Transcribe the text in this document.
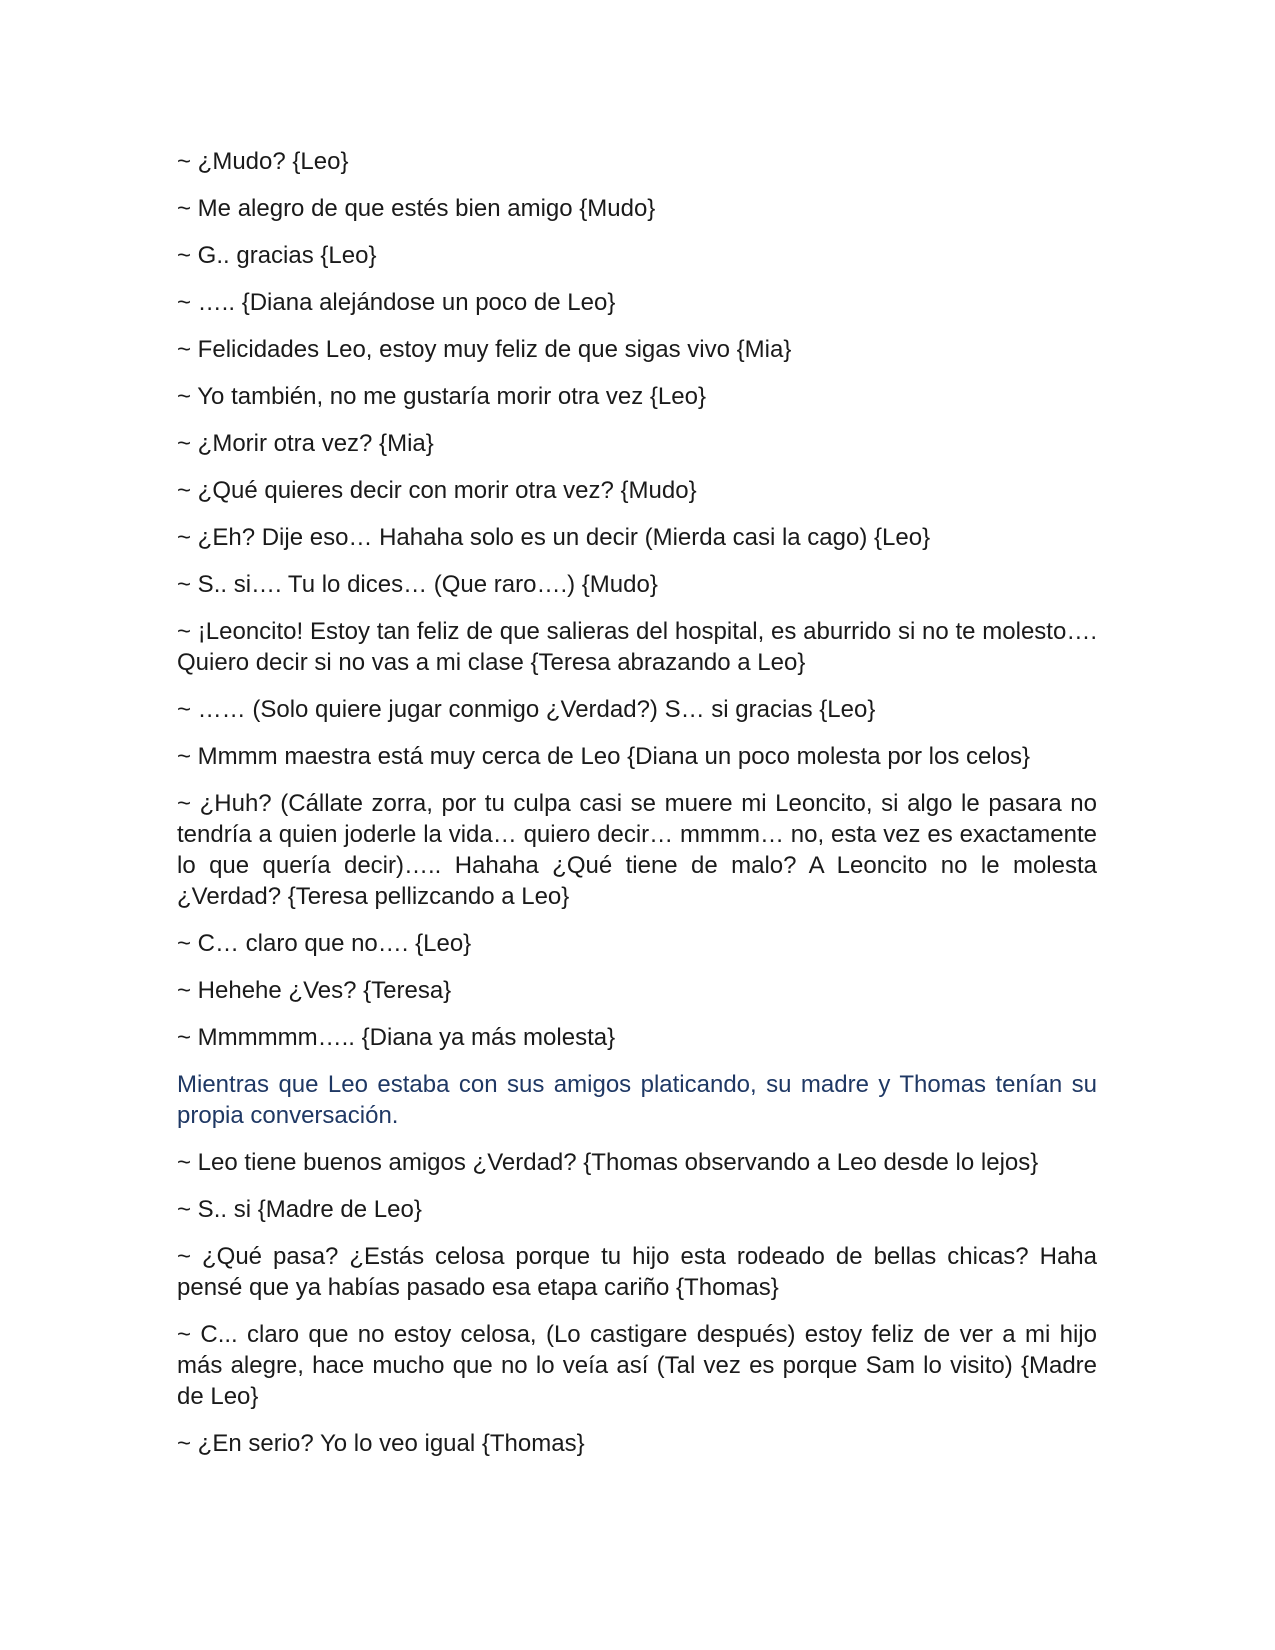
~ ¿Mudo? {Leo}

~ Me alegro de que estés bien amigo {Mudo}

~ G.. gracias {Leo}

~ ….. {Diana alejándose un poco de Leo}

~ Felicidades Leo, estoy muy feliz de que sigas vivo {Mia}

~ Yo también, no me gustaría morir otra vez {Leo}

~ ¿Morir otra vez? {Mia}

~ ¿Qué quieres decir con morir otra vez? {Mudo}

~ ¿Eh? Dije eso… Hahaha solo es un decir (Mierda casi la cago) {Leo}

~ S.. si…. Tu lo dices… (Que raro….) {Mudo}

~ ¡Leoncito! Estoy tan feliz de que salieras del hospital, es aburrido si no te molesto…. Quiero decir si no vas a mi clase {Teresa abrazando a Leo}

~ …… (Solo quiere jugar conmigo ¿Verdad?) S… si gracias {Leo}

~ Mmmm maestra está muy cerca de Leo {Diana un poco molesta por los celos}

~ ¿Huh? (Cállate zorra, por tu culpa casi se muere mi Leoncito, si algo le pasara no tendría a quien joderle la vida… quiero decir… mmmm… no, esta vez es exactamente lo que quería decir)….. Hahaha ¿Qué tiene de malo? A Leoncito no le molesta ¿Verdad? {Teresa pellizcando a Leo}

~ C… claro que no…. {Leo}

~ Hehehe ¿Ves? {Teresa}

~ Mmmmmm….. {Diana ya más molesta}

Mientras que Leo estaba con sus amigos platicando, su madre y Thomas tenían su propia conversación.

~ Leo tiene buenos amigos ¿Verdad? {Thomas observando a Leo desde lo lejos}

~ S.. si {Madre de Leo}

~ ¿Qué pasa? ¿Estás celosa porque tu hijo esta rodeado de bellas chicas? Haha pensé que ya habías pasado esa etapa cariño {Thomas}

~ C... claro que no estoy celosa, (Lo castigare después) estoy feliz de ver a mi hijo más alegre, hace mucho que no lo veía así (Tal vez es porque Sam lo visito) {Madre de Leo}

~ ¿En serio? Yo lo veo igual {Thomas}
